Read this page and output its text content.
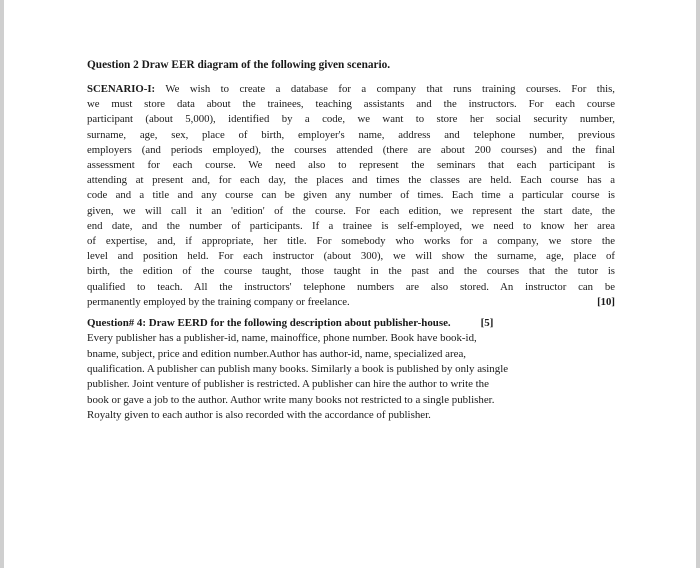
Question 2 Draw EER diagram of the following given scenario.
SCENARIO-I: We wish to create a database for a company that runs training courses. For this,
we must store data about the trainees, teaching assistants and the instructors. For each course
participant (about 5,000), identified by a code, we want to store her social security number,
surname, age, sex, place of birth, employer's name, address and telephone number, previous
employers (and periods employed), the courses attended (there are about 200 courses) and the final
assessment for each course. We need also to represent the seminars that each participant is
attending at present and, for each day, the places and times the classes are held. Each course has a
code and a title and any course can be given any number of times. Each time a particular course is
given, we will call it an 'edition' of the course. For each edition, we represent the start date, the
end date, and the number of participants. If a trainee is self-employed, we need to know her area
of expertise, and, if appropriate, her title. For somebody who works for a company, we store the
level and position held. For each instructor (about 300), we will show the surname, age, place of
birth, the edition of the course taught, those taught in the past and the courses that the tutor is
qualified to teach. All the instructors' telephone numbers are also stored. An instructor can be
permanently employed by the training company or freelance.	[10]
Question# 4: Draw EERD for the following description about publisher-house.	[5]
Every publisher has a publisher-id, name, mainoffice, phone number. Book have book-id,
bname, subject, price and edition number.Author has author-id, name, specialized area,
qualification. A publisher can publish many books. Similarly a book is published by only asingle
publisher. Joint venture of publisher is restricted. A publisher can hire the author to write the
book or gave a job to the author. Author write many books not restricted to a single publisher.
Royalty given to each author is also recorded with the accordance of publisher.
